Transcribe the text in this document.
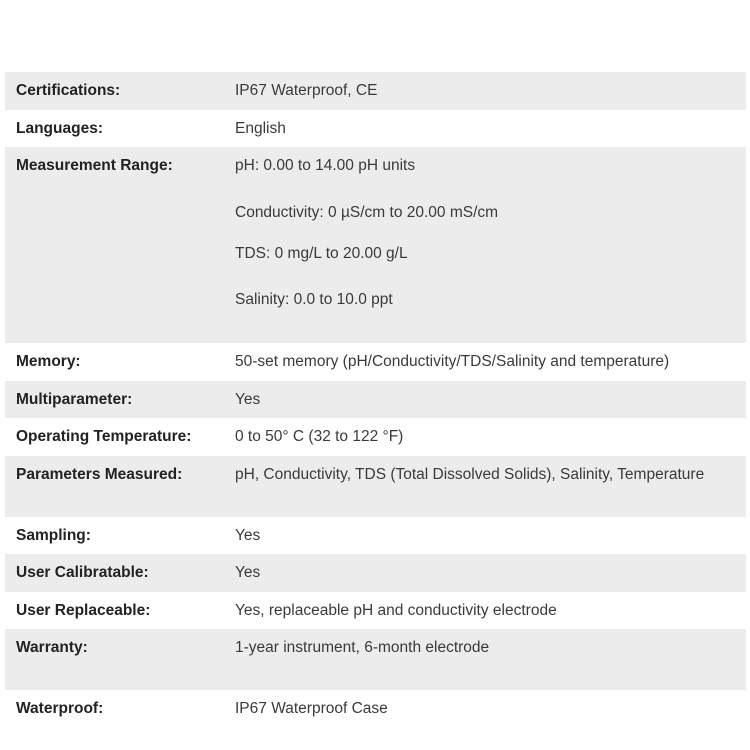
Certifications:	IP67 Waterproof, CE
Languages:	English
Measurement Range:	pH: 0.00 to 14.00 pH units
Conductivity: 0 µS/cm to 20.00 mS/cm
TDS: 0 mg/L to 20.00 g/L
Salinity: 0.0 to 10.0 ppt
Memory:	50-set memory (pH/Conductivity/TDS/Salinity and temperature)
Multiparameter:	Yes
Operating Temperature:	0 to 50° C (32 to 122 °F)
Parameters Measured:	pH, Conductivity, TDS (Total Dissolved Solids), Salinity, Temperature
Sampling:	Yes
User Calibratable:	Yes
User Replaceable:	Yes, replaceable pH and conductivity electrode
Warranty:	1-year instrument, 6-month electrode
Waterproof:	IP67 Waterproof Case
